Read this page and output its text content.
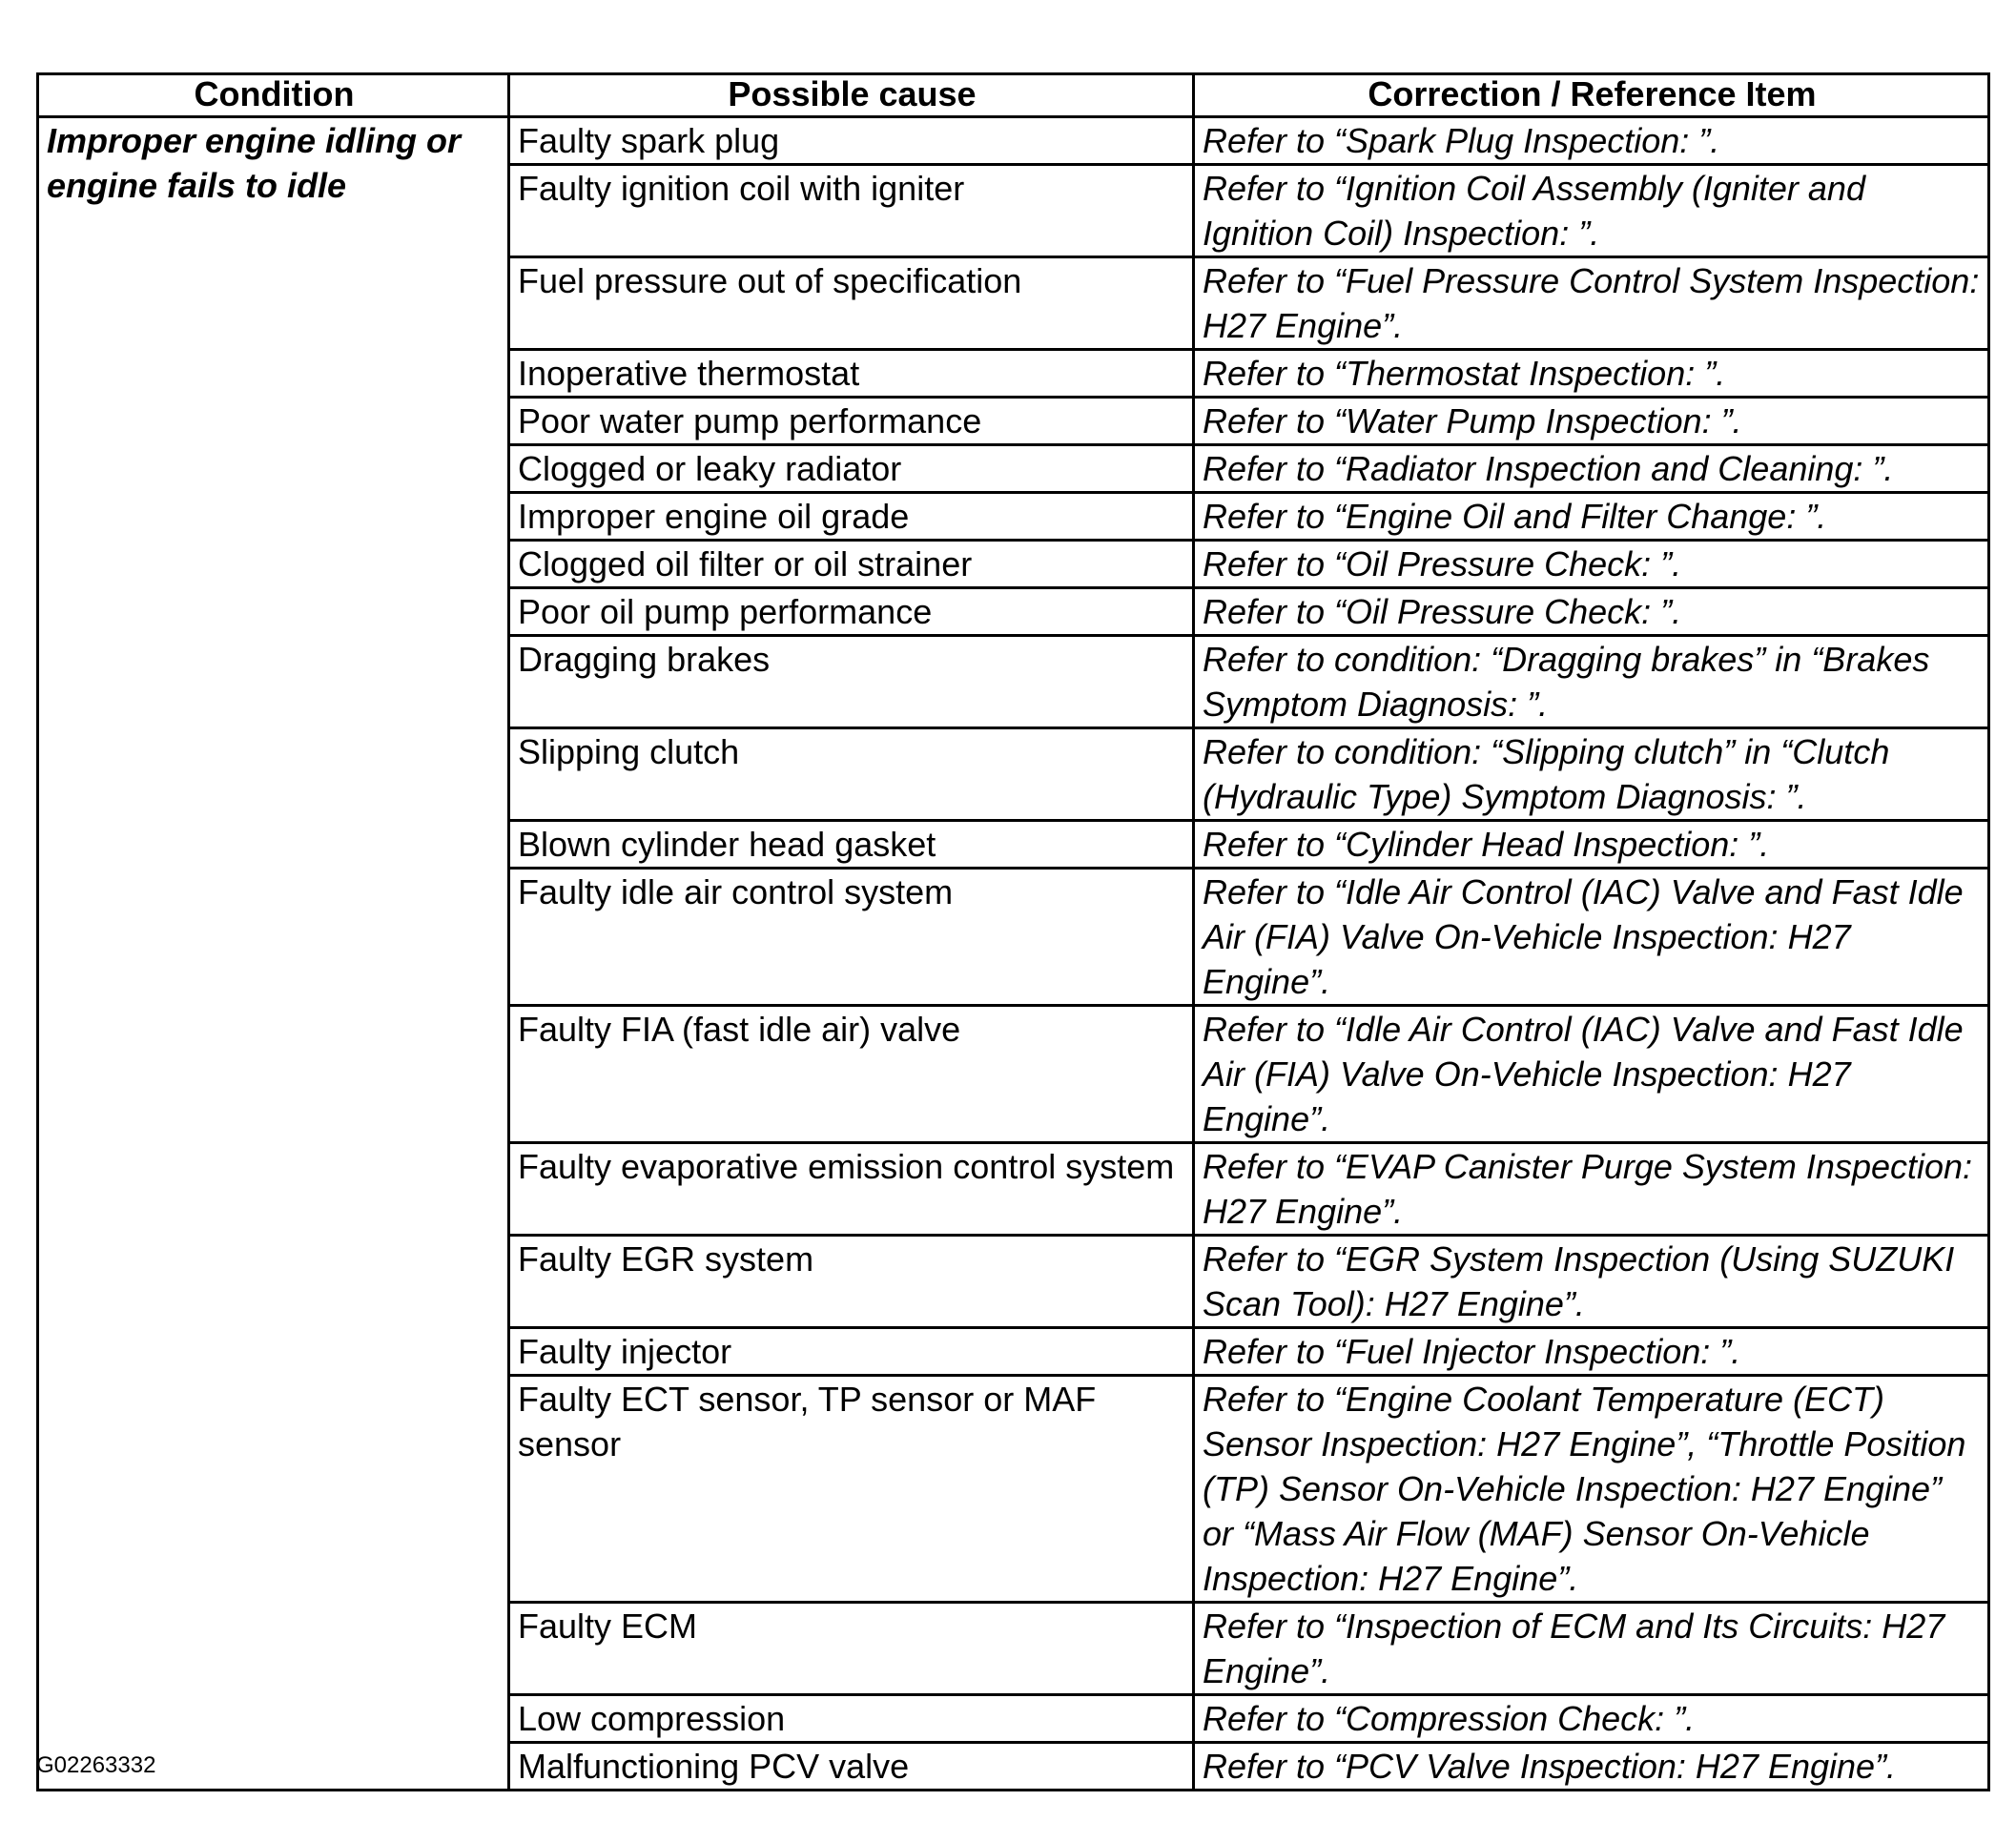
Condition	Possible cause	Correction / Reference Item
Improper engine idling or engine fails to idle	Faulty spark plug	Refer to “Spark Plug Inspection: ”.
	Faulty ignition coil with igniter	Refer to “Ignition Coil Assembly (Igniter and Ignition Coil) Inspection: ”.
	Fuel pressure out of specification	Refer to “Fuel Pressure Control System Inspection: H27 Engine”.
	Inoperative thermostat	Refer to “Thermostat Inspection: ”.
	Poor water pump performance	Refer to “Water Pump Inspection: ”.
	Clogged or leaky radiator	Refer to “Radiator Inspection and Cleaning: ”.
	Improper engine oil grade	Refer to “Engine Oil and Filter Change: ”.
	Clogged oil filter or oil strainer	Refer to “Oil Pressure Check: ”.
	Poor oil pump performance	Refer to “Oil Pressure Check: ”.
	Dragging brakes	Refer to condition: “Dragging brakes” in “Brakes Symptom Diagnosis: ”.
	Slipping clutch	Refer to condition: “Slipping clutch” in “Clutch (Hydraulic Type) Symptom Diagnosis: ”.
	Blown cylinder head gasket	Refer to “Cylinder Head Inspection: ”.
	Faulty idle air control system	Refer to “Idle Air Control (IAC) Valve and Fast Idle Air (FIA) Valve On-Vehicle Inspection: H27 Engine”.
	Faulty FIA (fast idle air) valve	Refer to “Idle Air Control (IAC) Valve and Fast Idle Air (FIA) Valve On-Vehicle Inspection: H27 Engine”.
	Faulty evaporative emission control system	Refer to “EVAP Canister Purge System Inspection: H27 Engine”.
	Faulty EGR system	Refer to “EGR System Inspection (Using SUZUKI Scan Tool): H27 Engine”.
	Faulty injector	Refer to “Fuel Injector Inspection: ”.
	Faulty ECT sensor, TP sensor or MAF sensor	Refer to “Engine Coolant Temperature (ECT) Sensor Inspection: H27 Engine”, “Throttle Position (TP) Sensor On-Vehicle Inspection: H27 Engine” or “Mass Air Flow (MAF) Sensor On-Vehicle Inspection: H27 Engine”.
	Faulty ECM	Refer to “Inspection of ECM and Its Circuits: H27 Engine”.
	Low compression	Refer to “Compression Check: ”.
	Malfunctioning PCV valve	Refer to “PCV Valve Inspection: H27 Engine”.
G02263332
